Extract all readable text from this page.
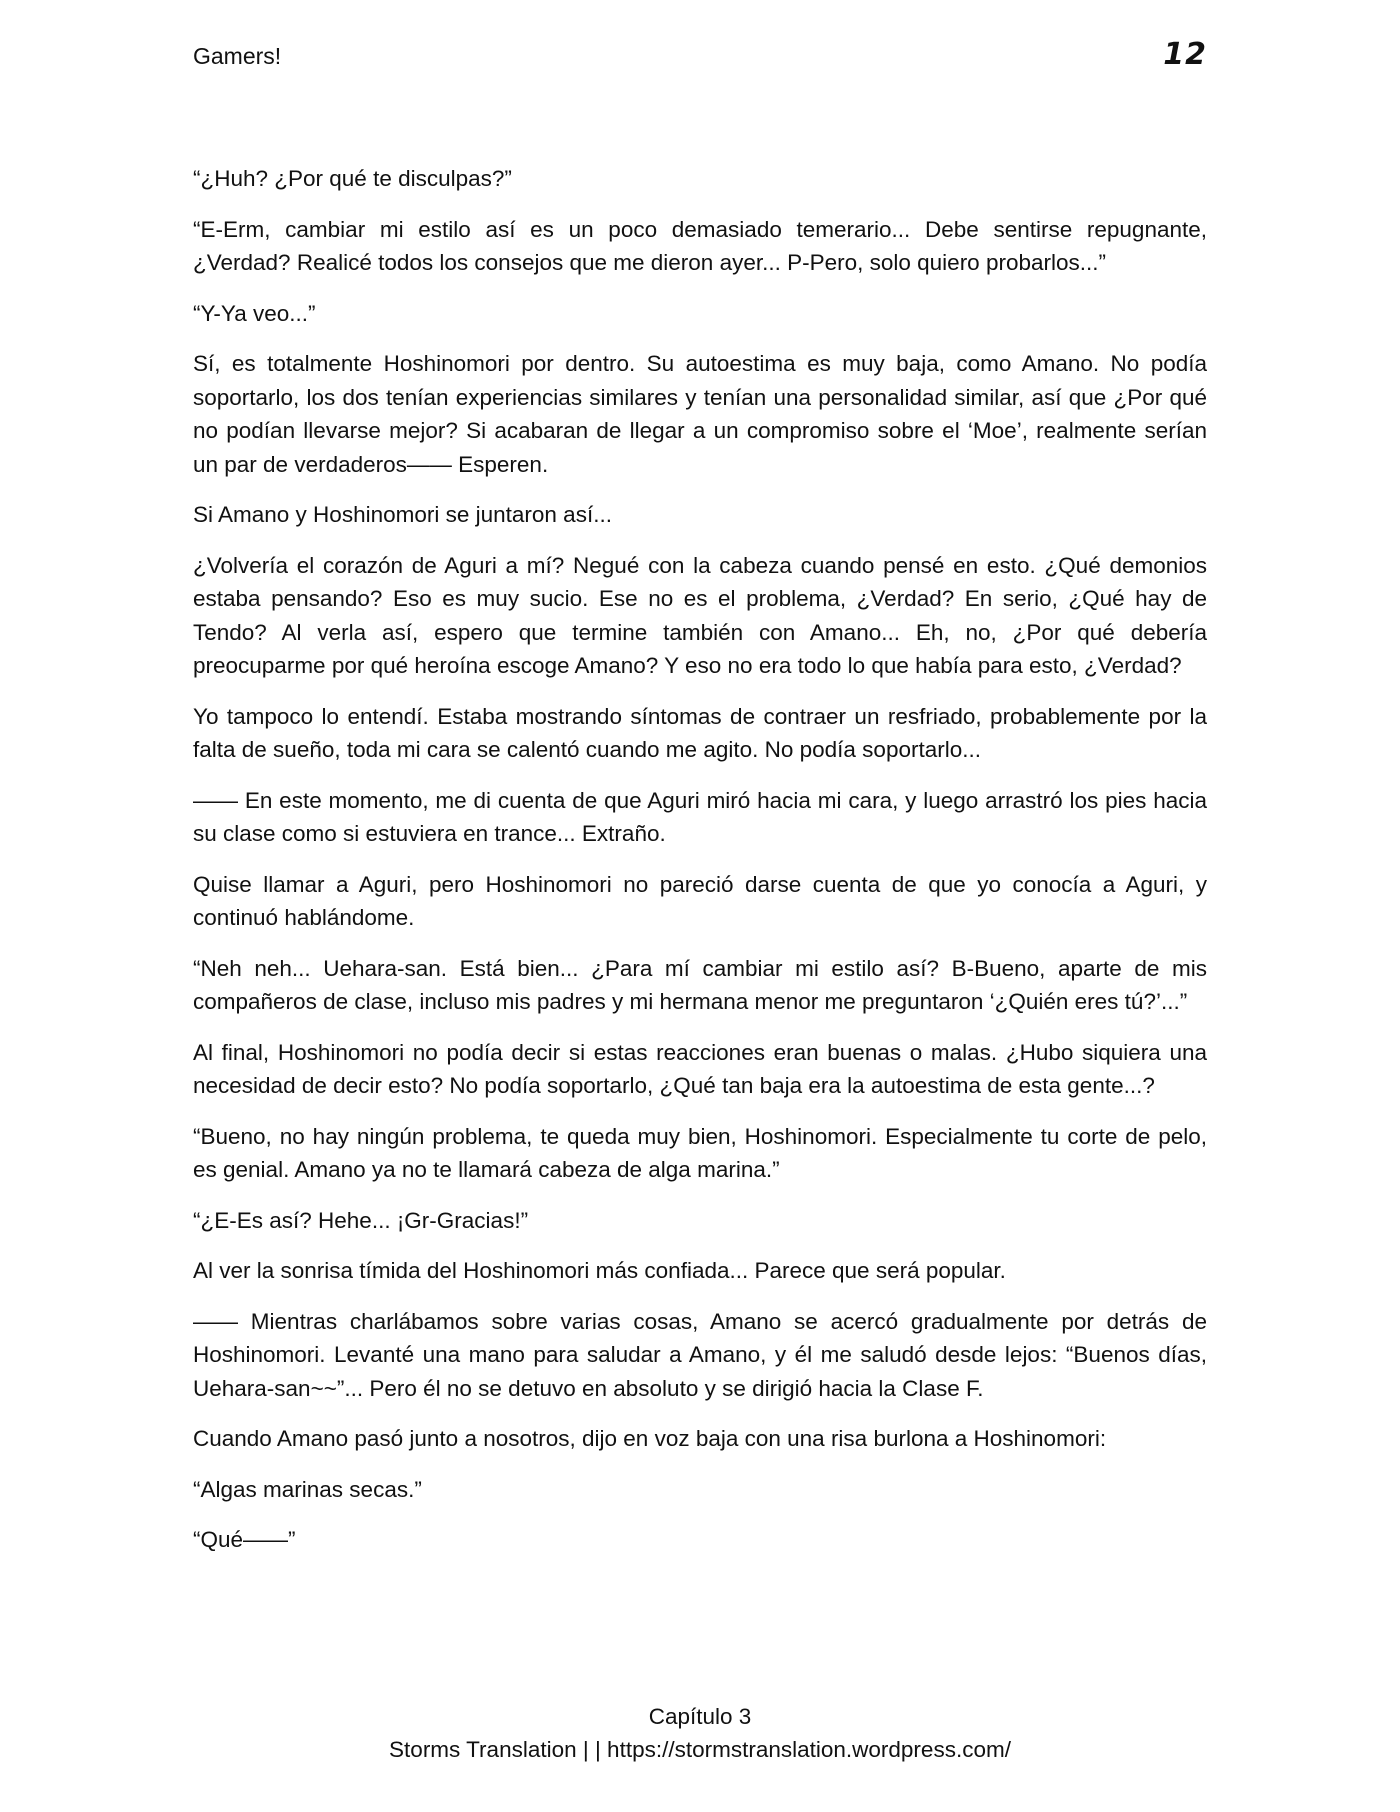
Gamers!	12

“¿Huh? ¿Por qué te disculpas?”

“E-Erm, cambiar mi estilo así es un poco demasiado temerario... Debe sentirse repugnante, ¿Verdad? Realicé todos los consejos que me dieron ayer... P-Pero, solo quiero probarlos...”

“Y-Ya veo...”

Sí, es totalmente Hoshinomori por dentro. Su autoestima es muy baja, como Amano. No podía soportarlo, los dos tenían experiencias similares y tenían una personalidad similar, así que ¿Por qué no podían llevarse mejor? Si acabaran de llegar a un compromiso sobre el ‘Moe’, realmente serían un par de verdaderos—— Esperen.

Si Amano y Hoshinomori se juntaron así...

¿Volvería el corazón de Aguri a mí? Negué con la cabeza cuando pensé en esto. ¿Qué demonios estaba pensando? Eso es muy sucio. Ese no es el problema, ¿Verdad? En serio, ¿Qué hay de Tendo? Al verla así, espero que termine también con Amano... Eh, no, ¿Por qué debería preocuparme por qué heroína escoge Amano? Y eso no era todo lo que había para esto, ¿Verdad?

Yo tampoco lo entendí. Estaba mostrando síntomas de contraer un resfriado, probablemente por la falta de sueño, toda mi cara se calentó cuando me agito. No podía soportarlo...

—— En este momento, me di cuenta de que Aguri miró hacia mi cara, y luego arrastró los pies hacia su clase como si estuviera en trance... Extraño.

Quise llamar a Aguri, pero Hoshinomori no pareció darse cuenta de que yo conocía a Aguri, y continuó hablándome.

“Neh neh... Uehara-san. Está bien... ¿Para mí cambiar mi estilo así? B-Bueno, aparte de mis compañeros de clase, incluso mis padres y mi hermana menor me preguntaron ‘¿Quién eres tú?’...”

Al final, Hoshinomori no podía decir si estas reacciones eran buenas o malas. ¿Hubo siquiera una necesidad de decir esto? No podía soportarlo, ¿Qué tan baja era la autoestima de esta gente...?

“Bueno, no hay ningún problema, te queda muy bien, Hoshinomori. Especialmente tu corte de pelo, es genial. Amano ya no te llamará cabeza de alga marina.”

“¿E-Es así? Hehe... ¡Gr-Gracias!”

Al ver la sonrisa tímida del Hoshinomori más confiada... Parece que será popular.

—— Mientras charlábamos sobre varias cosas, Amano se acercó gradualmente por detrás de Hoshinomori. Levanté una mano para saludar a Amano, y él me saludó desde lejos: “Buenos días, Uehara-san~~”... Pero él no se detuvo en absoluto y se dirigió hacia la Clase F.

Cuando Amano pasó junto a nosotros, dijo en voz baja con una risa burlona a Hoshinomori:

“Algas marinas secas.”

“Qué——”

Capítulo 3
Storms Translation | | https://stormstranslation.wordpress.com/
